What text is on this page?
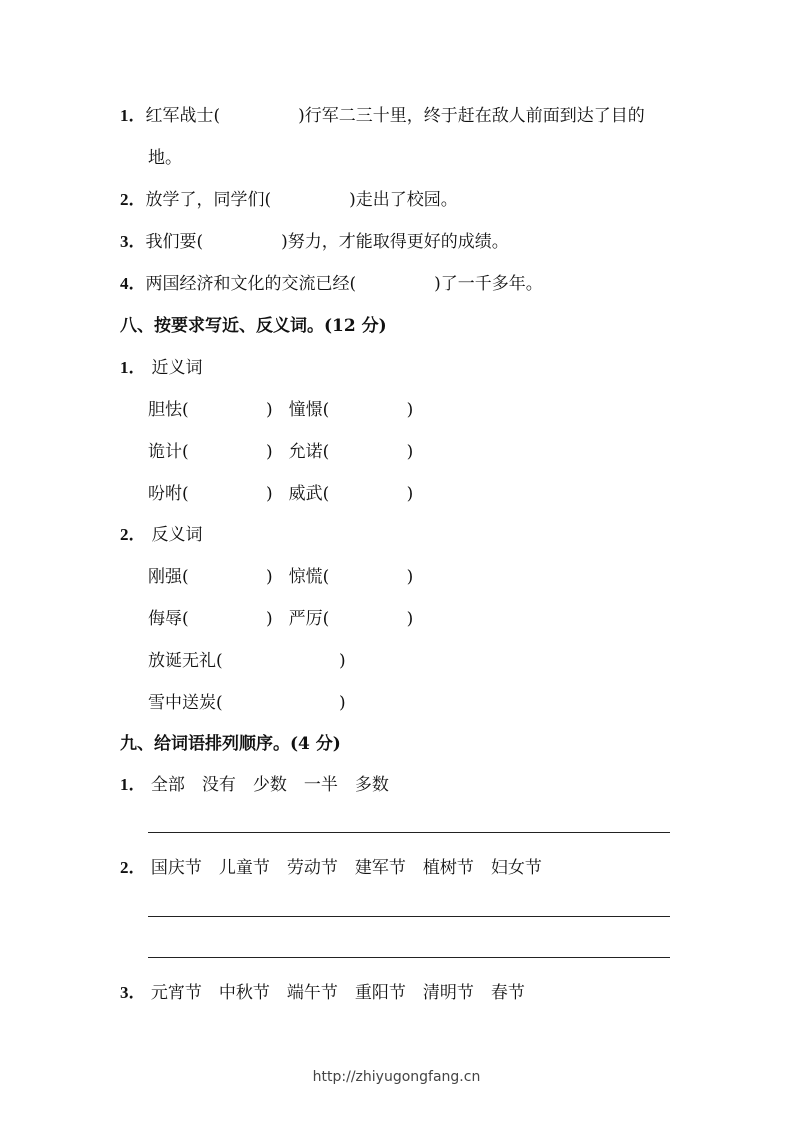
1．红军战士(	)行军二三十里，终于赶在敌人前面到达了目的
地。
2．放学了，同学们(	)走出了校园。
3．我们要(	)努力，才能取得更好的成绩。
4．两国经济和文化的交流已经(	)了一千多年。
八、按要求写近、反义词。(12 分)
1． 近义词
胆怯(	) 憧憬(	)
诡计(	) 允诺(	)
吩咐(	) 威武(	)
2． 反义词
刚强(	) 惊慌(	)
侮辱(	) 严厉(	)
放诞无礼(	)
雪中送炭(	)
九、给词语排列顺序。(4 分)
1． 全部 没有 少数 一半 多数
2． 国庆节 儿童节 劳动节 建军节 植树节 妇女节
3． 元宵节 中秋节 端午节 重阳节 清明节 春节
http://zhiyugongfang.cn
